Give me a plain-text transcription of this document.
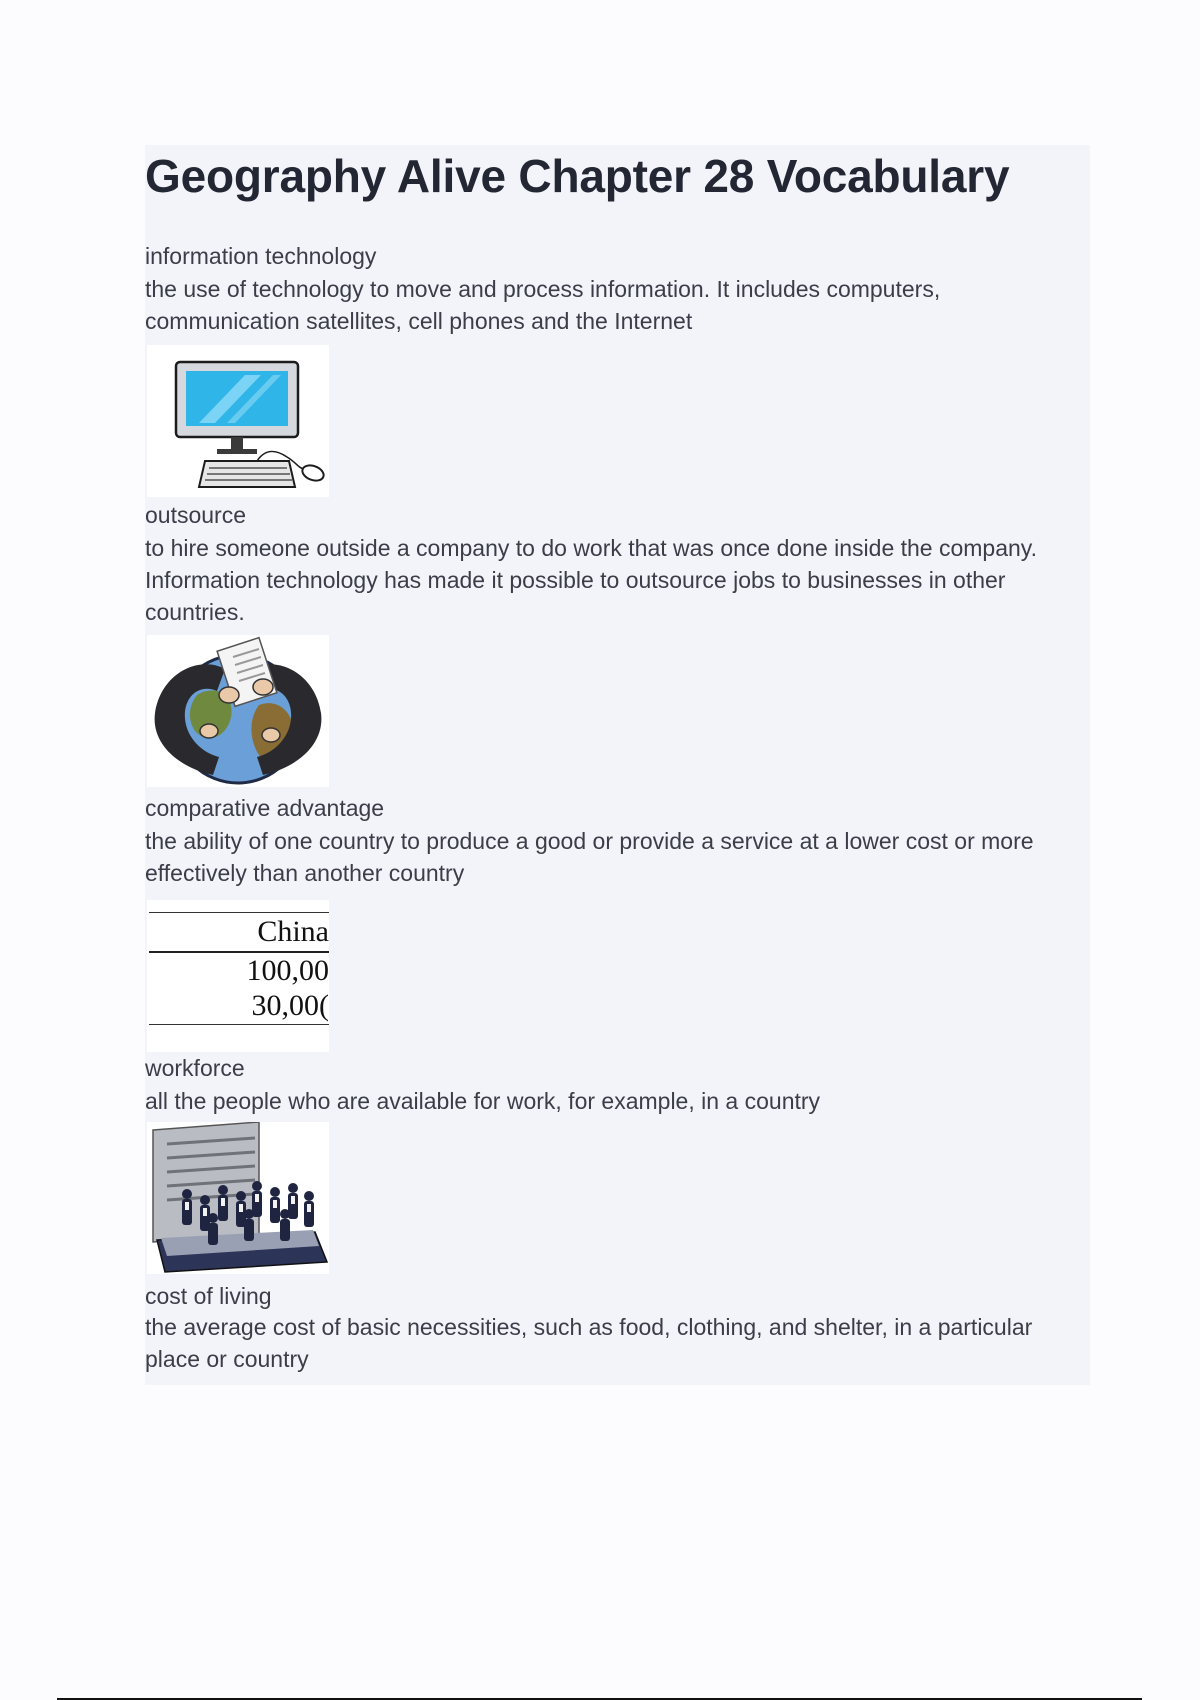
Geography Alive Chapter 28 Vocabulary
information technology
the use of technology to move and process information. It includes computers, communication satellites, cell phones and the Internet
outsource
to hire someone outside a company to do work that was once done inside the company. Information technology has made it possible to outsource jobs to businesses in other countries.
comparative advantage
the ability of one country to produce a good or provide a service at a lower cost or more effectively than another country
China
100,00
30,00(
workforce
all the people who are available for work, for example, in a country
cost of living
the average cost of basic necessities, such as food, clothing, and shelter, in a particular place or country
